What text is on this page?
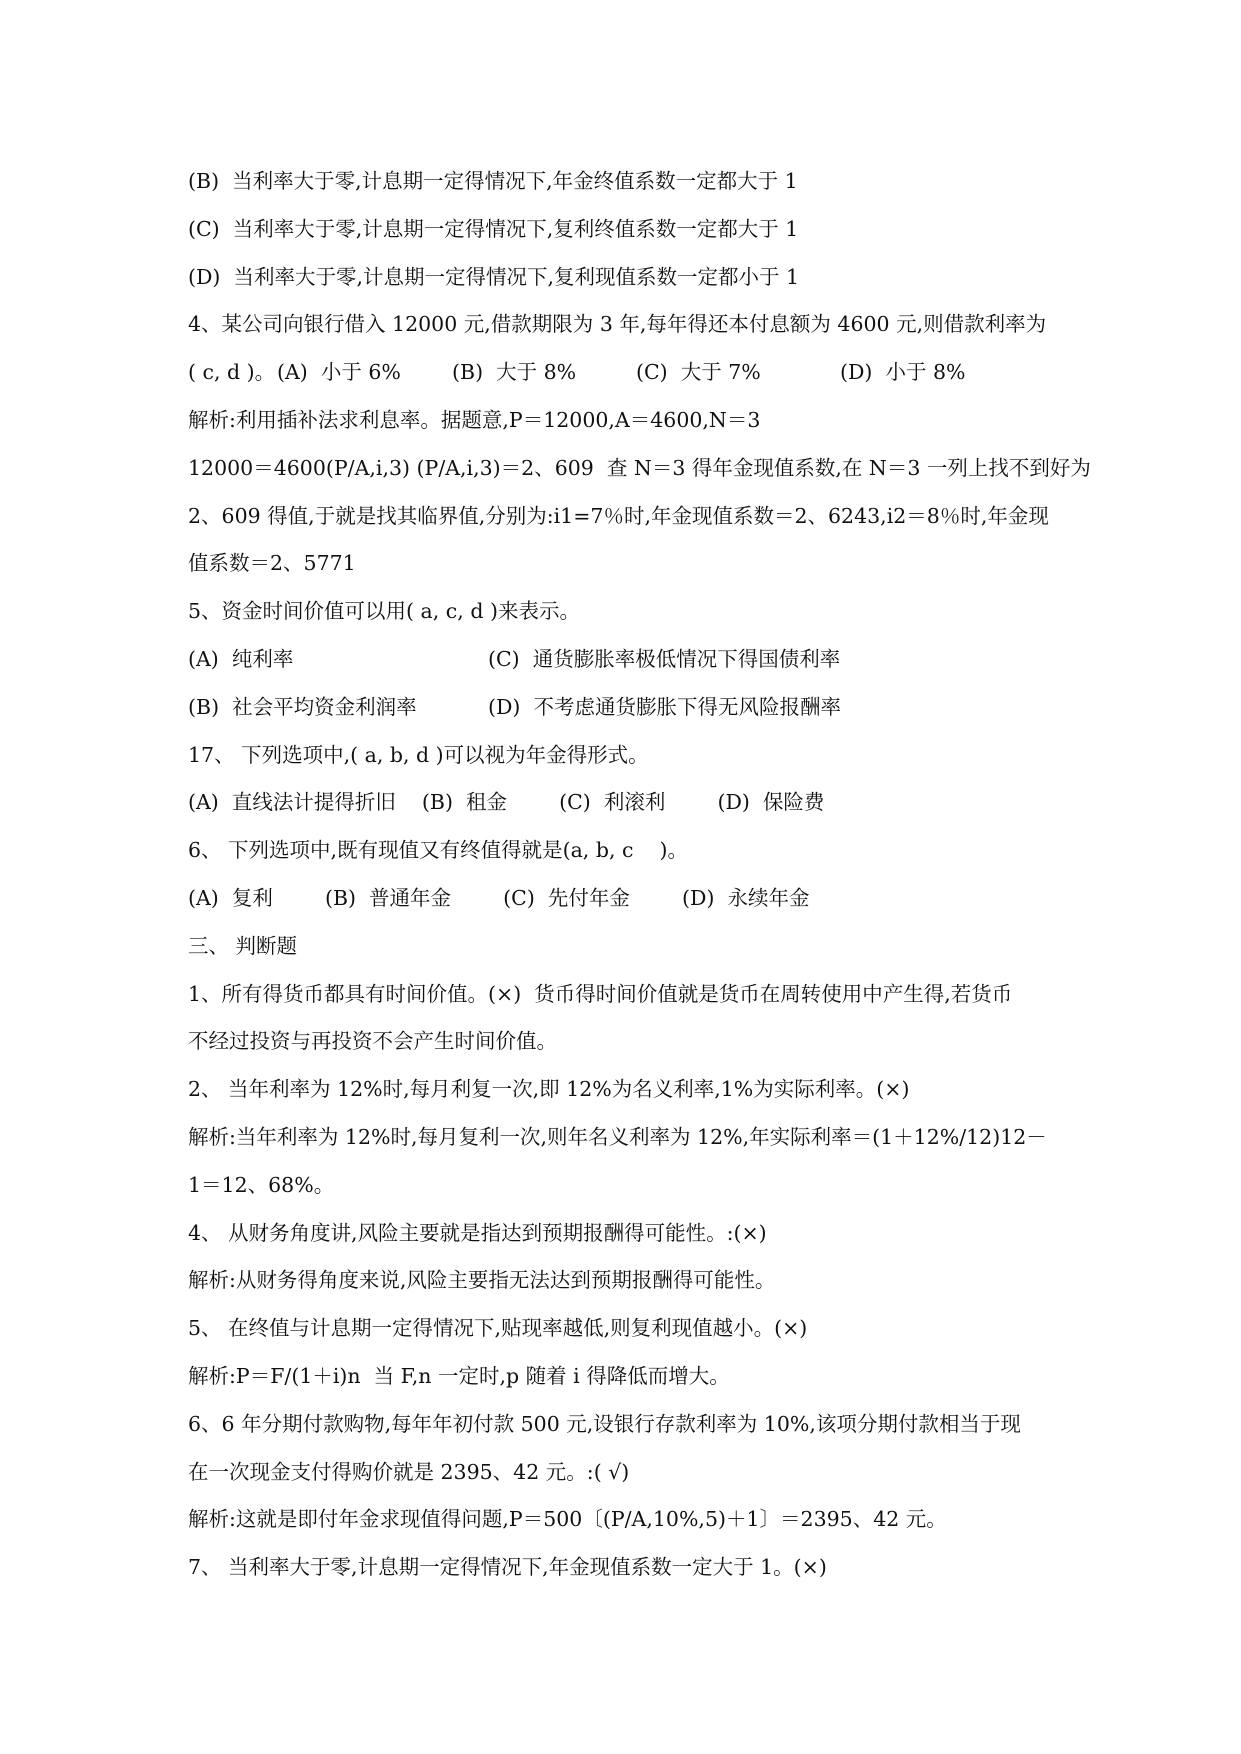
(B)  当利率大于零,计息期一定得情况下,年金终值系数一定都大于 1
(C)  当利率大于零,计息期一定得情况下,复利终值系数一定都大于 1
(D)  当利率大于零,计息期一定得情况下,复利现值系数一定都小于 1
4、某公司向银行借入 12000 元,借款期限为 3 年,每年得还本付息额为 4600 元,则借款利率为
( c, d )。 (A)  小于 6% (B)  大于 8%	(C)  大于 7%	(D)  小于 8%
解析:利用插补法求利息率。据题意,P＝12000,A＝4600,N＝3
12000＝4600(P/A,i,3) (P/A,i,3)＝2、609  查 N＝3 得年金现值系数,在 N＝3 一列上找不到好为
2、609 得值,于就是找其临界值,分别为:i1=7％时,年金现值系数＝2、6243,i2＝8％时,年金现
值系数＝2、5771
5、资金时间价值可以用( a, c, d )来表示。
(A)  纯利率	(C)  通货膨胀率极低情况下得国债利率
(B)  社会平均资金利润率	(D)  不考虑通货膨胀下得无风险报酬率
17、 下列选项中,( a, b, d )可以视为年金得形式。
(A)  直线法计提得折旧    (B)  租金        (C)  利滚利        (D)  保险费
6、 下列选项中,既有现值又有终值得就是(a, b, c    )。
(A)  复利        (B)  普通年金        (C)  先付年金        (D)  永续年金
三、 判断题
1、所有得货币都具有时间价值。(×)  货币得时间价值就是货币在周转使用中产生得,若货币
不经过投资与再投资不会产生时间价值。
2、 当年利率为 12%时,每月利复一次,即 12%为名义利率,1%为实际利率。(×)
解析:当年利率为 12%时,每月复利一次,则年名义利率为 12%,年实际利率＝(1＋12%/12)12－
1＝12、68%。
4、 从财务角度讲,风险主要就是指达到预期报酬得可能性。:(×)
解析:从财务得角度来说,风险主要指无法达到预期报酬得可能性。
5、 在终值与计息期一定得情况下,贴现率越低,则复利现值越小。(×)
解析:P＝F/(1＋i)n  当 F,n 一定时,p 随着 i 得降低而增大。
6、6 年分期付款购物,每年年初付款 500 元,设银行存款利率为 10%,该项分期付款相当于现
在一次现金支付得购价就是 2395、42 元。:( √)
解析:这就是即付年金求现值得问题,P＝500〔(P/A,10%,5)＋1〕＝2395、42 元。
7、 当利率大于零,计息期一定得情况下,年金现值系数一定大于 1。(×)
